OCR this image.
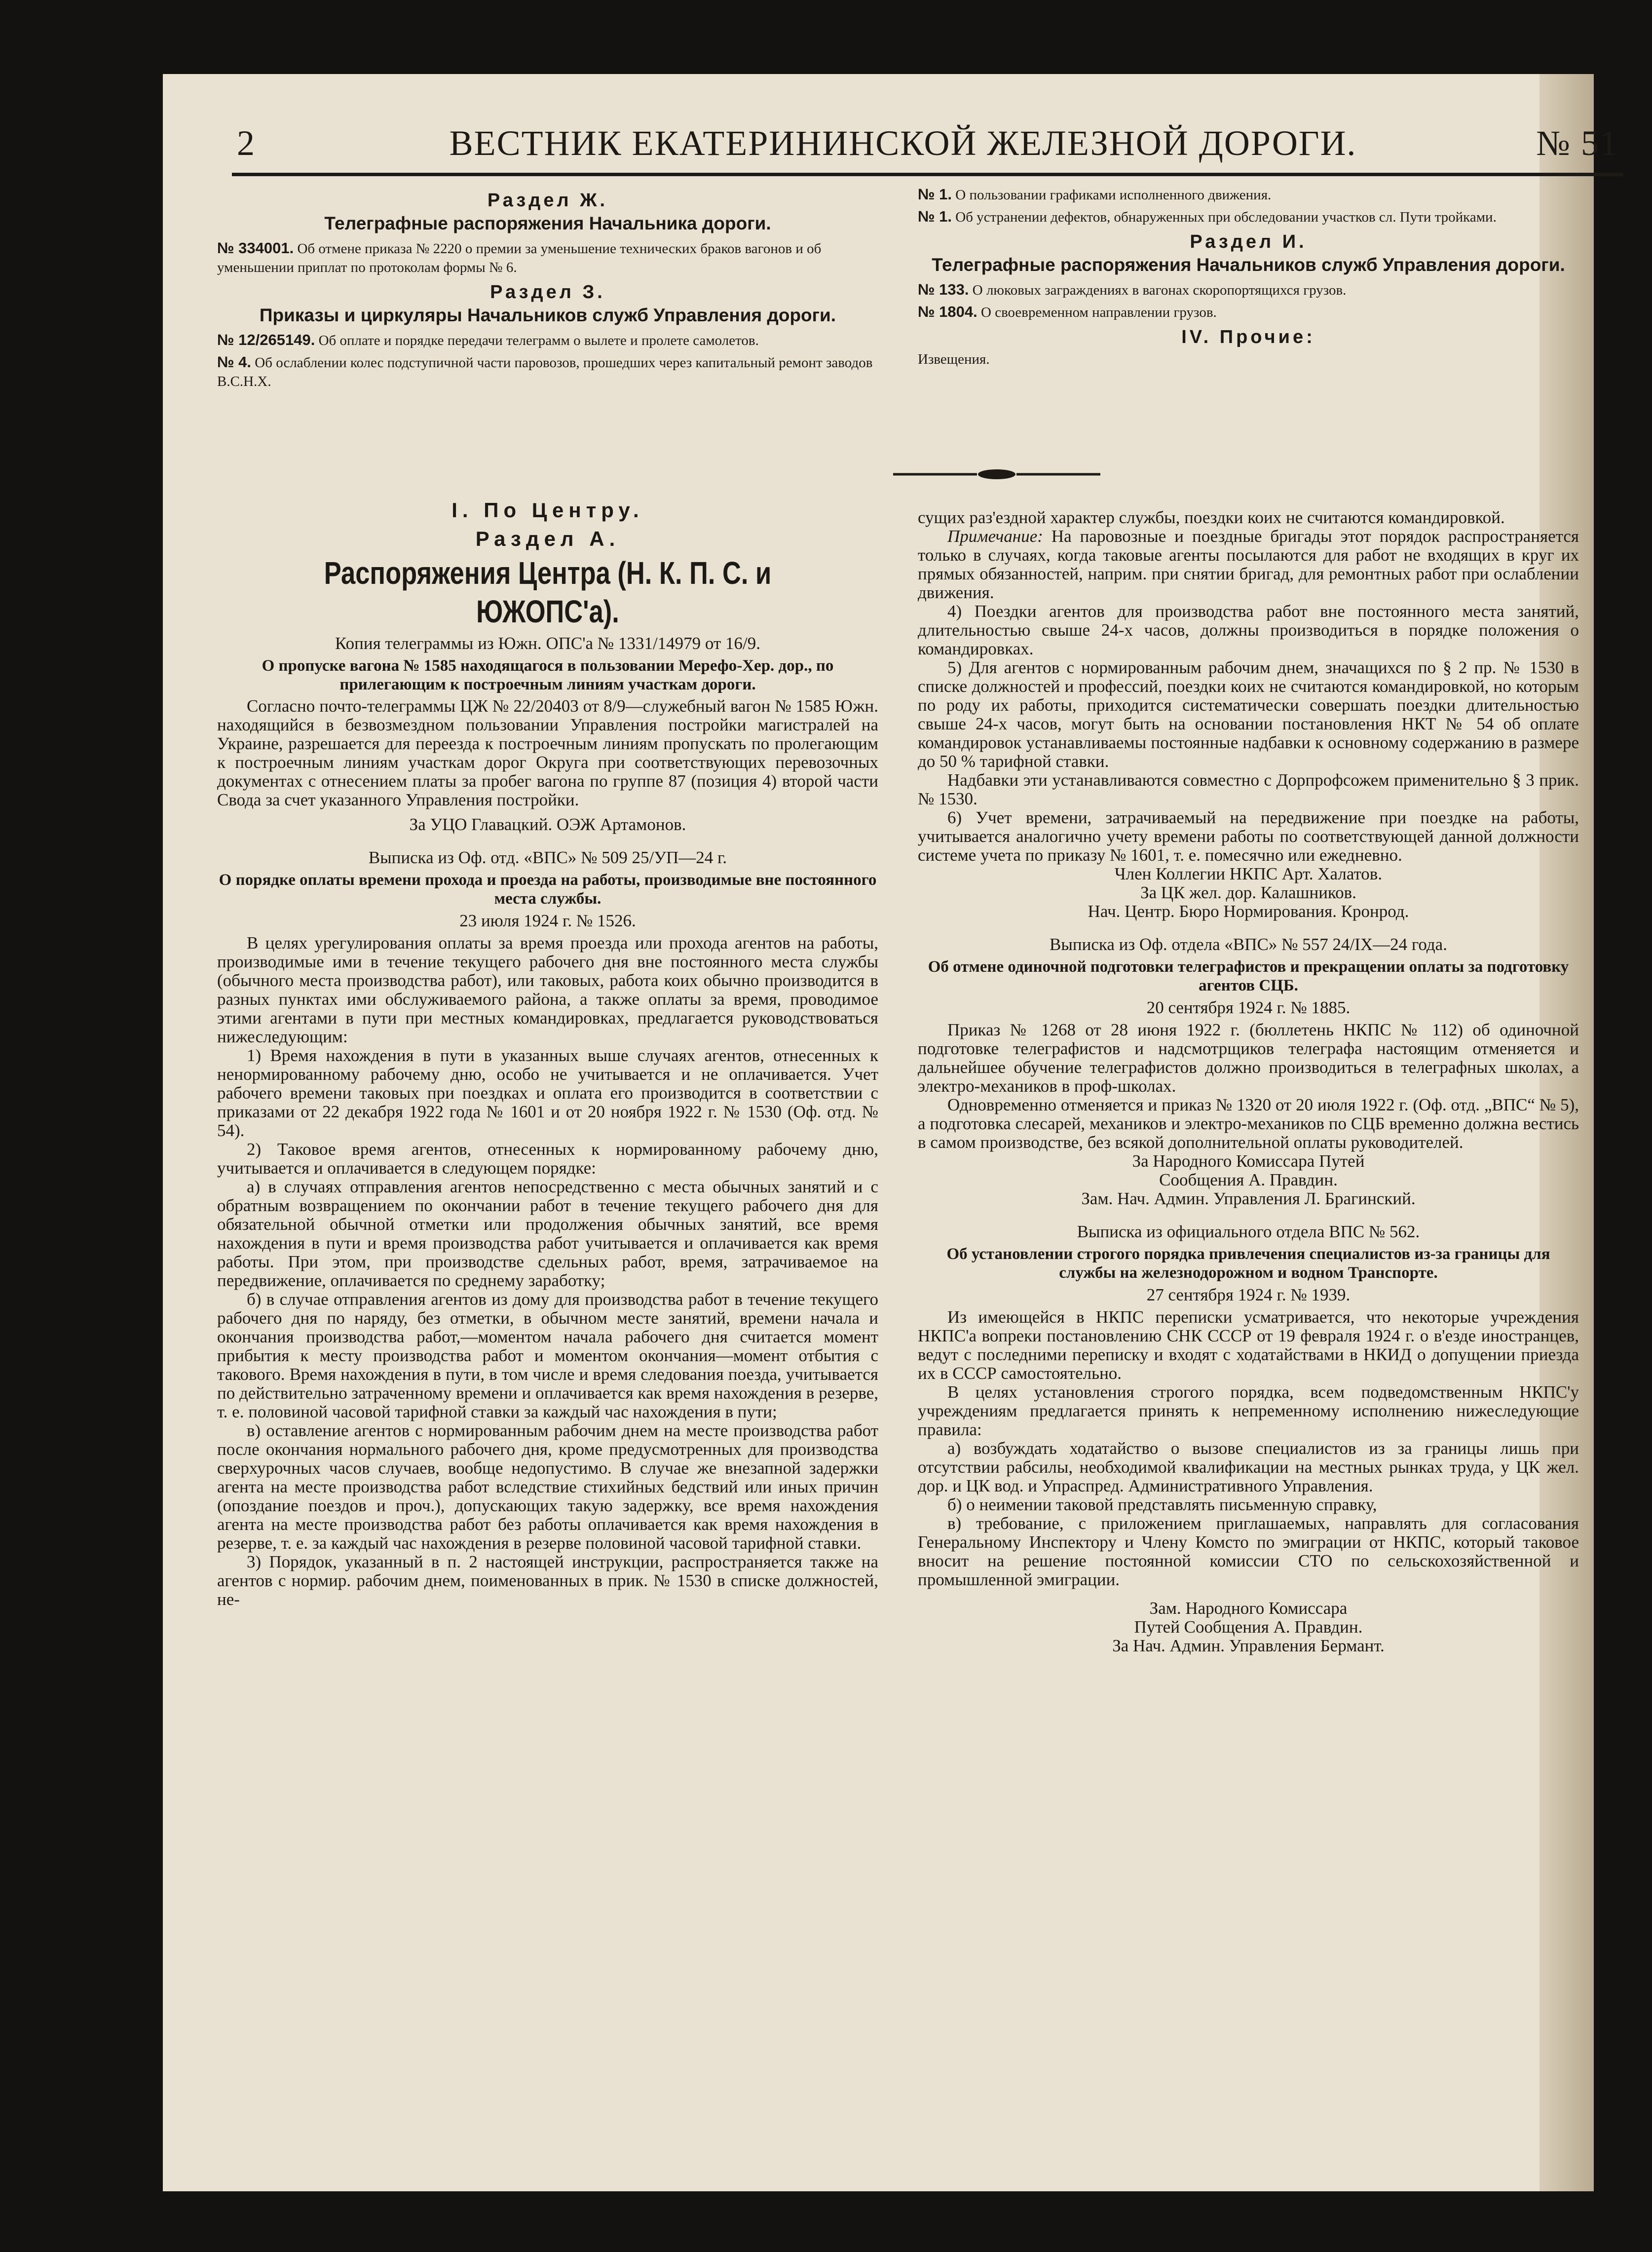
2	ВЕСТНИК ЕКАТЕРИНИНСКОЙ ЖЕЛЕЗНОЙ ДОРОГИ.	№ 51
Раздел Ж.
Телеграфные распоряжения Начальника дороги.
№ 334001. Об отмене приказа № 2220 о премии за уменьшение технических браков вагонов и об уменьшении приплат по протоколам формы № 6.
Раздел З.
Приказы и циркуляры Начальников служб Управления дороги.
№ 12/265149. Об оплате и порядке передачи телеграмм о вылете и пролете самолетов.
№ 4. Об ослаблении колес подступичной части паровозов, прошедших через капитальный ремонт заводов В.С.Н.Х.
№ 1. О пользовании графиками исполненного движения.
№ 1. Об устранении дефектов, обнаруженных при обследовании участков сл. Пути тройками.
Раздел И.
Телеграфные распоряжения Начальников служб Управления дороги.
№ 133. О люковых заграждениях в вагонах скоропортящихся грузов.
№ 1804. О своевременном направлении грузов.
IV. Прочие:
Извещения.
I. По Центру.
Раздел А.
Распоряжения Центра (Н. К. П. С. и ЮЖОПС'а).
Копия телеграммы из Южн. ОПС'а № 1331/14979 от 16/9.
О пропуске вагона № 1585 находящагося в пользовании Мерефо-Хер. дор., по прилегающим к построечным линиям участкам дороги.

Согласно почто-телеграммы ЦЖ № 22/20403 от 8/9—служебный вагон № 1585 Южн. находящийся в безвозмездном пользовании Управления постройки магистралей на Украине, разрешается для переезда к построечным линиям пропускать по пролегающим к построечным линиям участкам дорог Округа при соответствующих перевозочных документах с отнесением платы за пробег вагона по группе 87 (позиция 4) второй части Свода за счет указанного Управления постройки.

За УЦО Главацкий. ОЭЖ Артамонов.
Выписка из Оф. отд. «ВПС» № 509 25/УП—24 г.
О порядке оплаты времени прохода и проезда на работы, производимые вне постоянного места службы.
23 июля 1924 г. № 1526.

В целях урегулирования оплаты за время проезда или прохода агентов на работы, производимые ими в течение текущего рабочего дня вне постоянного места службы (обычного места производства работ), или таковых, работа коих обычно производится в разных пунктах ими обслуживаемого района, а также оплаты за время, проводимое этими агентами в пути при местных командировках, предлагается руководствоваться нижеследующим:

1) Время нахождения в пути в указанных выше случаях агентов, отнесенных к ненормированному рабочему дню, особо не учитывается и не оплачивается. Учет рабочего времени таковых при поездках и оплата его производится в соответствии с приказами от 22 декабря 1922 года № 1601 и от 20 ноября 1922 г. № 1530 (Оф. отд. № 54).

2) Таковое время агентов, отнесенных к нормированному рабочему дню, учитывается и оплачивается в следующем порядке:

а) в случаях отправления агентов непосредственно с места обычных занятий и с обратным возвращением по окончании работ в течение текущего рабочего дня для обязательной обычной отметки или продолжения обычных занятий, все время нахождения в пути и время производства работ учитывается и оплачивается как время работы. При этом, при производстве сдельных работ, время, затрачиваемое на передвижение, оплачивается по среднему заработку;

б) в случае отправления агентов из дому для производства работ в течение текущего рабочего дня по наряду, без отметки, в обычном месте занятий, времени начала и окончания производства работ,—моментом начала рабочего дня считается момент прибытия к месту производства работ и моментом окончания—момент отбытия с такового. Время нахождения в пути, в том числе и время следования поезда, учитывается по действительно затраченному времени и оплачивается как время нахождения в резерве, т. е. половиной часовой тарифной ставки за каждый час нахождения в пути;

в) оставление агентов с нормированным рабочим днем на месте производства работ после окончания нормального рабочего дня, кроме предусмотренных для производства сверхурочных часов случаев, вообще недопустимо. В случае же внезапной задержки агента на месте производства работ вследствие стихийных бедствий или иных причин (опоздание поездов и проч.), допускающих такую задержку, все время нахождения агента на месте производства работ без работы оплачивается как время нахождения в резерве, т. е. за каждый час нахождения в резерве половиной часовой тарифной ставки.

3) Порядок, указанный в п. 2 настоящей инструкции, распространяется также на агентов с нормир. рабочим днем, поименованных в прик. № 1530 в списке должностей, не-

сущих раз'ездной характер службы, поездки коих не считаются командировкой.

Примечание: На паровозные и поездные бригады этот порядок распространяется только в случаях, когда таковые агенты посылаются для работ не входящих в круг их прямых обязанностей, наприм. при снятии бригад, для ремонтных работ при ослаблении движения.

4) Поездки агентов для производства работ вне постоянного места занятий, длительностью свыше 24-х часов, должны производиться в порядке положения о командировках.

5) Для агентов с нормированным рабочим днем, значащихся по § 2 пр. № 1530 в списке должностей и профессий, поездки коих не считаются командировкой, но которым по роду их работы, приходится систематически совершать поездки длительностью свыше 24-х часов, могут быть на основании постановления НКТ № 54 об оплате командировок устанавливаемы постоянные надбавки к основному содержанию в размере до 50 % тарифной ставки.

Надбавки эти устанавливаются совместно с Дорпрофсожем применительно § 3 прик. № 1530.

6) Учет времени, затрачиваемый на передвижение при поездке на работы, учитывается аналогично учету времени работы по соответствующей данной должности системе учета по приказу № 1601, т. е. помесячно или ежедневно.

Член Коллегии НКПС Арт. Халатов.
За ЦК жел. дор. Калашников.
Нач. Центр. Бюро Нормирования. Кронрод.
Выписка из Оф. отдела «ВПС» № 557 24/IX—24 года.
Об отмене одиночной подготовки телеграфистов и прекращении оплаты за подготовку агентов СЦБ.
20 сентября 1924 г. № 1885.

Приказ № 1268 от 28 июня 1922 г. (бюллетень НКПС № 112) об одиночной подготовке телеграфистов и надсмотрщиков телеграфа настоящим отменяется и дальнейшее обучение телеграфистов должно производиться в телеграфных школах, а электро-механиков в проф-школах.

Одновременно отменяется и приказ № 1320 от 20 июля 1922 г. (Оф. отд. „ВПС“ № 5), а подготовка слесарей, механиков и электро-механиков по СЦБ временно должна вестись в самом производстве, без всякой дополнительной оплаты руководителей.

За Народного Комиссара Путей
Сообщения А. Правдин.
Зам. Нач. Админ. Управления Л. Брагинский.
Выписка из официального отдела ВПС № 562.
Об установлении строгого порядка привлечения специалистов из-за границы для службы на железнодорожном и водном Транспорте.
27 сентября 1924 г. № 1939.

Из имеющейся в НКПС переписки усматривается, что некоторые учреждения НКПС'а вопреки постановлению СНК СССР от 19 февраля 1924 г. о в'езде иностранцев, ведут с последними переписку и входят с ходатайствами в НКИД о допущении приезда их в СССР самостоятельно.

В целях установления строгого порядка, всем подведомственным НКПС'у учреждениям предлагается принять к непременному исполнению нижеследующие правила:

а) возбуждать ходатайство о вызове специалистов из за границы лишь при отсутствии рабсилы, необходимой квалификации на местных рынках труда, у ЦК жел. дор. и ЦК вод. и Упраспред. Административного Управления.

б) о неимении таковой представлять письменную справку,

в) требование, с приложением приглашаемых, направлять для согласования Генеральному Инспектору и Члену Комсто по эмиграции от НКПС, который таковое вносит на решение постоянной комиссии СТО по сельскохозяйственной и промышленной эмиграции.

Зам. Народного Комиссара
Путей Сообщения А. Правдин.
За Нач. Админ. Управления Бермант.
